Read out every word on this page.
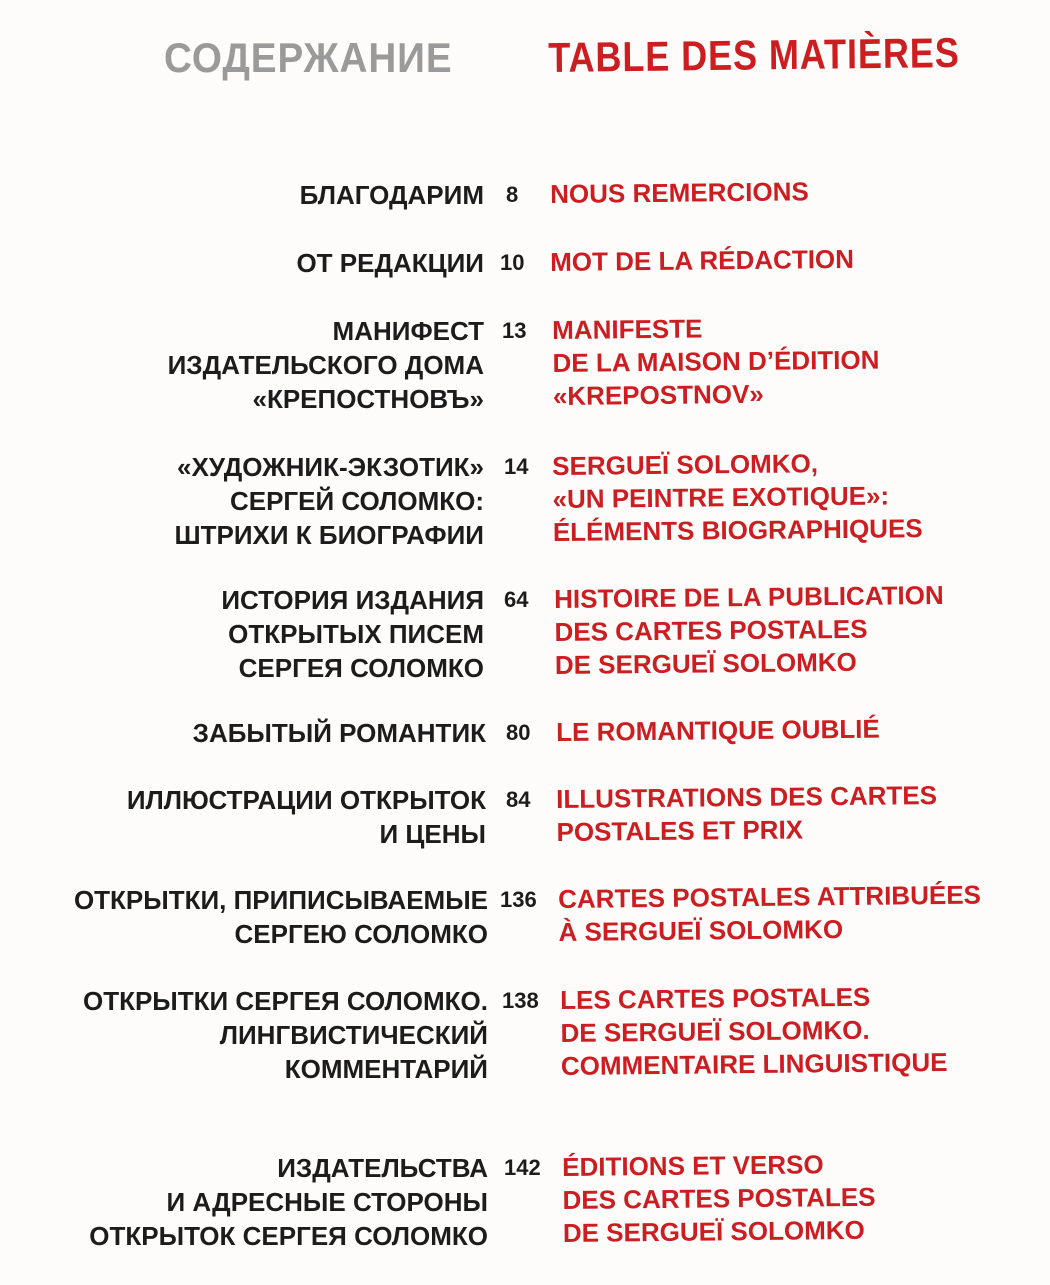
СОДЕРЖАНИЕ TABLE DES MATIÈRES
БЛАГОДАРИМ 8	NOUS REMERCIONS
ОТ РЕДАКЦИИ 10 MOT DE LA RÉDACTION
МАНИФЕСТ
ИЗДАТЕЛЬСКОГО ДОМА
«КРЕПОСТНОВЪ»
13 MANIFESTE
DE LA MAISON D’ÉDITION
«KREPOSTNOV»
«ХУДОЖНИК-ЭКЗОТИК»
СЕРГЕЙ СОЛОМКО:
ШТРИХИ К БИОГРАФИИ
14 SERGUEÏ SOLOMKO,
«UN PEINTRE EXOTIQUE»:
ÉLÉMENTS BIOGRAPHIQUES
ИСТОРИЯ ИЗДАНИЯ
ОТКРЫТЫХ ПИСЕМ
СЕРГЕЯ СОЛОМКО
64 HISTOIRE DE LA PUBLICATION
DES CARTES POSTALES
DE SERGUEÏ SOLOMKO
ЗАБЫТЫЙ РОМАНТИК 80 LE ROMANTIQUE OUBLIÉ
ИЛЛЮСТРАЦИИ ОТКРЫТОК
И ЦЕНЫ
84 ILLUSTRATIONS DES CARTES
POSTALES ET PRIX
ОТКРЫТКИ, ПРИПИСЫВАЕМЫЕ
СЕРГЕЮ СОЛОМКО
136 CARTES POSTALES ATTRIBUÉES
À SERGUEÏ SOLOMKO
ОТКРЫТКИ СЕРГЕЯ СОЛОМКО.
ЛИНГВИСТИЧЕСКИЙ
КОММЕНТАРИЙ
138 LES CARTES POSTALES
DE SERGUEÏ SOLOMKO.
COMMENTAIRE LINGUISTIQUE
ИЗДАТЕЛЬСТВА
И АДРЕСНЫЕ СТОРОНЫ
ОТКРЫТОК СЕРГЕЯ СОЛОМКО
142 ÉDITIONS ET VERSO
DES CARTES POSTALES
DE SERGUEÏ SOLOMKO
